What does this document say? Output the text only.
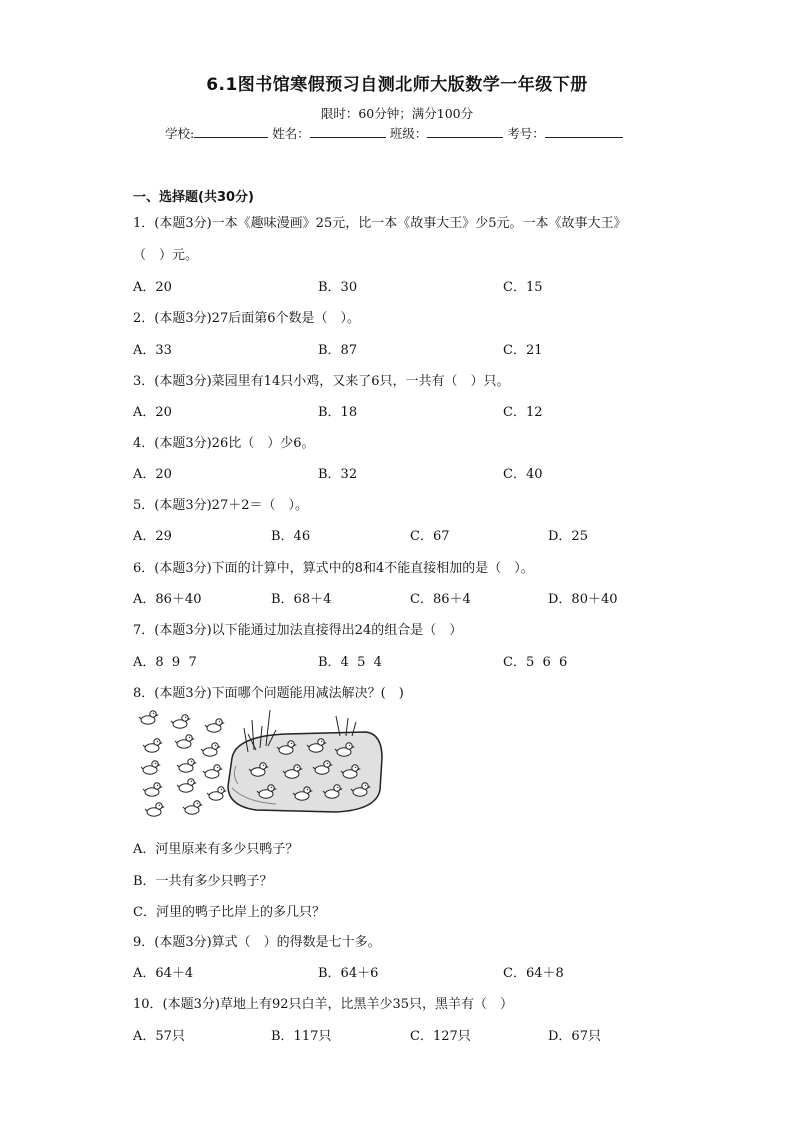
6.1图书馆寒假预习自测北师大版数学一年级下册
限时：60分钟；满分100分
学校:	姓名：	班级：	考号：
一、选择题(共30分)
1．(本题3分)一本《趣味漫画》25元，比一本《故事大王》少5元。一本《故事大王》
（　）元。
A．20	B．30	C．15
2．(本题3分)27后面第6个数是（　）。
A．33	B．87	C．21
3．(本题3分)菜园里有14只小鸡，又来了6只，一共有（　）只。
A．20	B．18	C．12
4．(本题3分)26比（　）少6。
A．20	B．32	C．40
5．(本题3分)27＋2＝（　）。
A．29	B．46	C．67	D．25
6．(本题3分)下面的计算中，算式中的8和4不能直接相加的是（　）。
A．86＋40	B．68＋4	C．86＋4	D．80＋40
7．(本题3分)以下能通过加法直接得出24的组合是（　）
A．8  9  7	B．4  5  4	C．5  6  6
8．(本题3分)下面哪个问题能用减法解决？(　)
A．河里原来有多少只鸭子？
B．一共有多少只鸭子？
C．河里的鸭子比岸上的多几只？
9．(本题3分)算式（　）的得数是七十多。
A．64＋4	B．64＋6	C．64＋8
10．(本题3分)草地上有92只白羊，比黑羊少35只，黑羊有（　）
A．57只	B．117只	C．127只	D．67只
